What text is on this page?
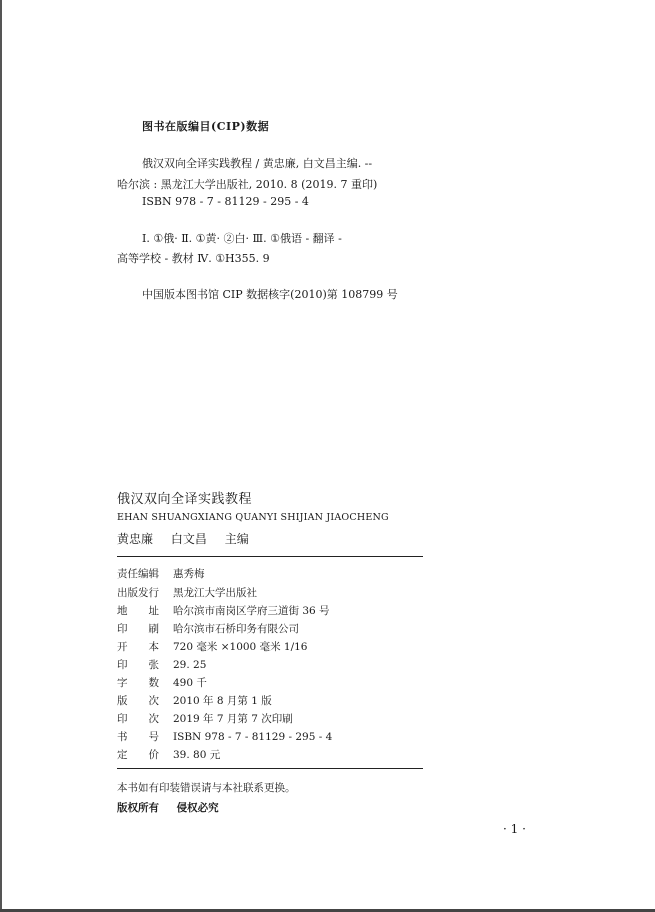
图书在版编目(CIP)数据
俄汉双向全译实践教程 / 黄忠廉, 白文昌主编. --
哈尔滨 : 黑龙江大学出版社, 2010. 8 (2019. 7 重印)
ISBN 978 - 7 - 81129 - 295 - 4
Ⅰ. ①俄· Ⅱ. ①黄· ②白· Ⅲ. ①俄语 - 翻译 -
高等学校 - 教材 Ⅳ. ①H355. 9
中国版本图书馆 CIP 数据核字(2010)第 108799 号
俄汉双向全译实践教程
EHAN SHUANGXIANG QUANYI SHIJIAN JIAOCHENG
黄忠廉 白文昌 主编
责任编辑 惠秀梅
出版发行 黑龙江大学出版社
地　　址 哈尔滨市南岗区学府三道街 36 号
印　　刷 哈尔滨市石桥印务有限公司
开　　本 720 毫米 ×1000 毫米 1/16
印　　张 29. 25
字　　数 490 千
版　　次 2010 年 8 月第 1 版
印　　次 2019 年 7 月第 7 次印刷
书　　号 ISBN 978 - 7 - 81129 - 295 - 4
定　　价 39. 80 元
本书如有印装错误请与本社联系更换。
版权所有 侵权必究
· 1 ·
